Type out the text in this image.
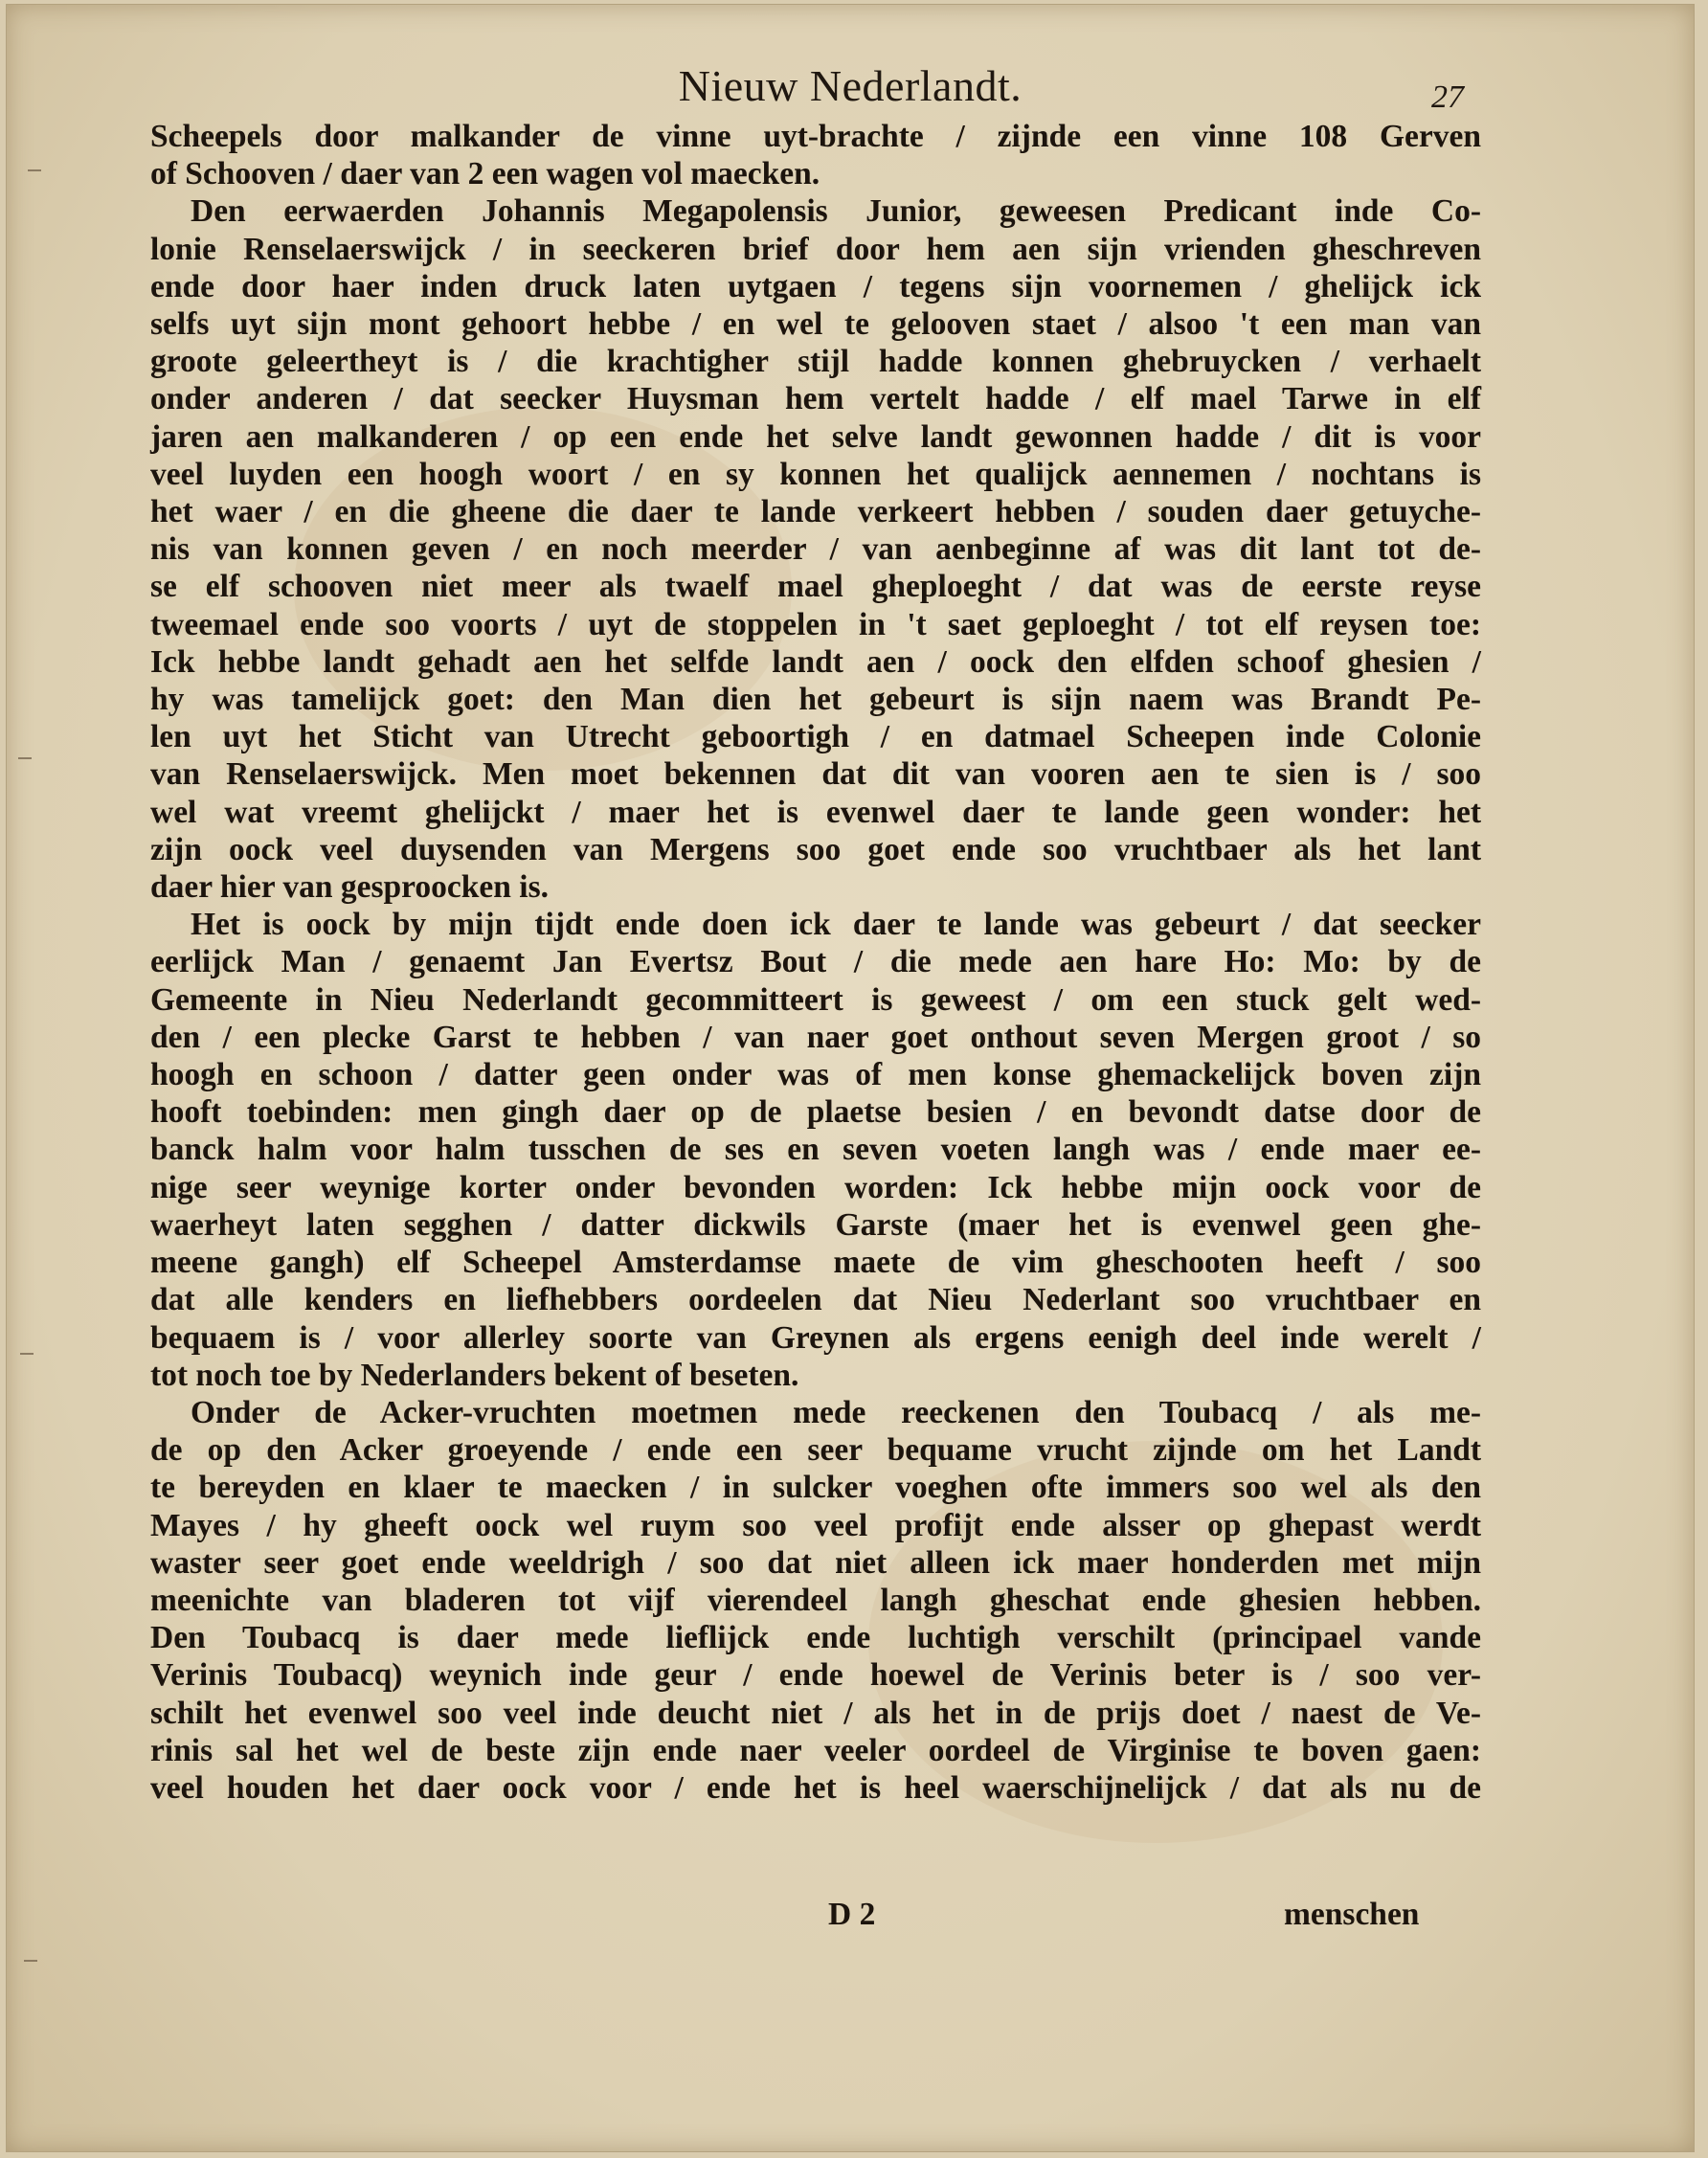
Nieuw Nederlandt.	27
Scheepels door malkander de vinne uyt-brachte / zijnde een vinne 108 Gerven
of Schooven / daer van 2 een wagen vol maecken.
Den eerwaerden Johannis Megapolensis Junior, geweesen Predicant inde Co-
lonie Renselaerswijck / in seeckeren brief door hem aen sijn vrienden gheschreven
ende door haer inden druck laten uytgaen / tegens sijn voornemen / ghelijck ick
selfs uyt sijn mont gehoort hebbe / en wel te gelooven staet / alsoo 't een man van
groote geleertheyt is / die krachtigher stijl hadde konnen ghebruycken / verhaelt
onder anderen / dat seecker Huysman hem vertelt hadde / elf mael Tarwe in elf
jaren aen malkanderen / op een ende het selve landt gewonnen hadde / dit is voor
veel luyden een hoogh woort / en sy konnen het qualijck aennemen / nochtans is
het waer / en die gheene die daer te lande verkeert hebben / souden daer getuyche-
nis van konnen geven / en noch meerder / van aenbeginne af was dit lant tot de-
se elf schooven niet meer als twaelf mael gheploeght / dat was de eerste reyse
tweemael ende soo voorts / uyt de stoppelen in 't saet geploeght / tot elf reysen toe:
Ick hebbe landt gehadt aen het selfde landt aen / oock den elfden schoof ghesien /
hy was tamelijck goet: den Man dien het gebeurt is sijn naem was Brandt Pe-
len uyt het Sticht van Utrecht geboortigh / en datmael Scheepen inde Colonie
van Renselaerswijck. Men moet bekennen dat dit van vooren aen te sien is / soo
wel wat vreemt ghelijckt / maer het is evenwel daer te lande geen wonder: het
zijn oock veel duysenden van Mergens soo goet ende soo vruchtbaer als het lant
daer hier van gesproocken is.
Het is oock by mijn tijdt ende doen ick daer te lande was gebeurt / dat seecker
eerlijck Man / genaemt Jan Evertsz Bout / die mede aen hare Ho: Mo: by de
Gemeente in Nieu Nederlandt gecommitteert is geweest / om een stuck gelt wed-
den / een plecke Garst te hebben / van naer goet onthout seven Mergen groot / so
hoogh en schoon / datter geen onder was of men konse ghemackelijck boven zijn
hooft toebinden: men gingh daer op de plaetse besien / en bevondt datse door de
banck halm voor halm tusschen de ses en seven voeten langh was / ende maer ee-
nige seer weynige korter onder bevonden worden: Ick hebbe mijn oock voor de
waerheyt laten segghen / datter dickwils Garste (maer het is evenwel geen ghe-
meene gangh) elf Scheepel Amsterdamse maete de vim gheschooten heeft / soo
dat alle kenders en liefhebbers oordeelen dat Nieu Nederlant soo vruchtbaer en
bequaem is / voor allerley soorte van Greynen als ergens eenigh deel inde werelt /
tot noch toe by Nederlanders bekent of beseten.
Onder de Acker-vruchten moetmen mede reeckenen den Toubacq / als me-
de op den Acker groeyende / ende een seer bequame vrucht zijnde om het Landt
te bereyden en klaer te maecken / in sulcker voeghen ofte immers soo wel als den
Mayes / hy gheeft oock wel ruym soo veel profijt ende alsser op ghepast werdt
waster seer goet ende weeldrigh / soo dat niet alleen ick maer honderden met mijn
meenichte van bladeren tot vijf vierendeel langh gheschat ende ghesien hebben.
Den Toubacq is daer mede lieflijck ende luchtigh verschilt (principael vande
Verinis Toubacq) weynich inde geur / ende hoewel de Verinis beter is / soo ver-
schilt het evenwel soo veel inde deucht niet / als het in de prijs doet / naest de Ve-
rinis sal het wel de beste zijn ende naer veeler oordeel de Virginise te boven gaen:
veel houden het daer oock voor / ende het is heel waerschijnelijck / dat als nu de
D 2	menschen
